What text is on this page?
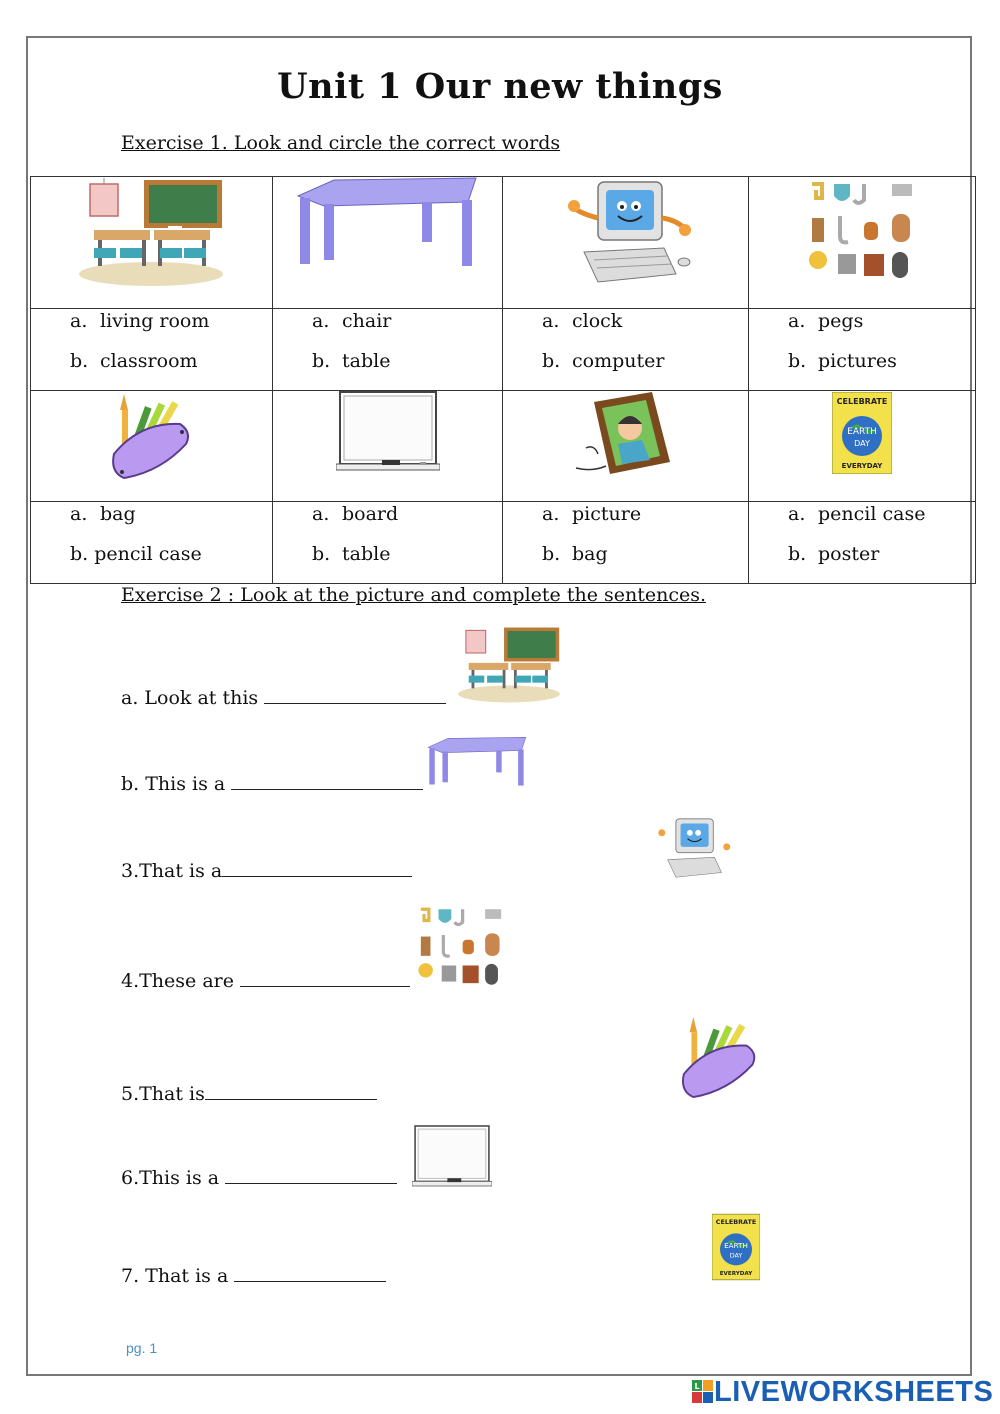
Unit 1 Our new things
Exercise 1. Look and circle the correct words
a. living room
b. classroom
a. chair
b. table
a. clock
b. computer
a. pegs
b. pictures
CELEBRATE
EARTH
DAY
EVERYDAY
a. bag
b. pencil case
a. board
b. table
a. picture
b. bag
a. pencil case
b. poster
Exercise 2 : Look at the picture and complete the sentences.
a. Look at this
b. This is a
3.That is a
4.These are
5.That is
6.This is a
7. That is a
CELEBRATE
EARTH
DAY
EVERYDAY
pg. 1
L LIVEWORKSHEETS
